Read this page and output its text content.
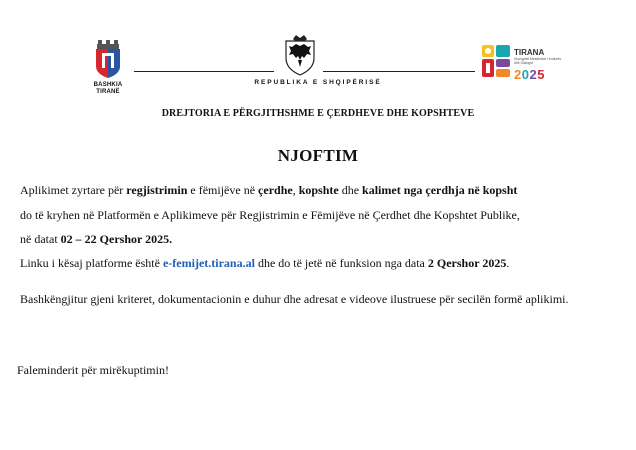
BASHKIA
TIRANË
REPUBLIKA E SHQIPËRISË
TIRANA
Kryeqyteti Mesdhetar i Kulturës dhe Dialogut
2025
DREJTORIA E PËRGJITHSHME E ÇERDHEVE DHE KOPSHTEVE
NJOFTIM
Aplikimet zyrtare për regjistrimin e fëmijëve në çerdhe, kopshte dhe kalimet nga çerdhja në kopsht
do të kryhen në Platformën e Aplikimeve për Regjistrimin e Fëmijëve në Çerdhet dhe Kopshtet Publike,
në datat 02 – 22 Qershor 2025.
Linku i kësaj platforme është e-femijet.tirana.al dhe do të jetë në funksion nga data 2 Qershor 2025.
Bashkëngjitur gjeni kriteret, dokumentacionin e duhur dhe adresat e videove ilustruese për secilën formë aplikimi.
Faleminderit për mirëkuptimin!
